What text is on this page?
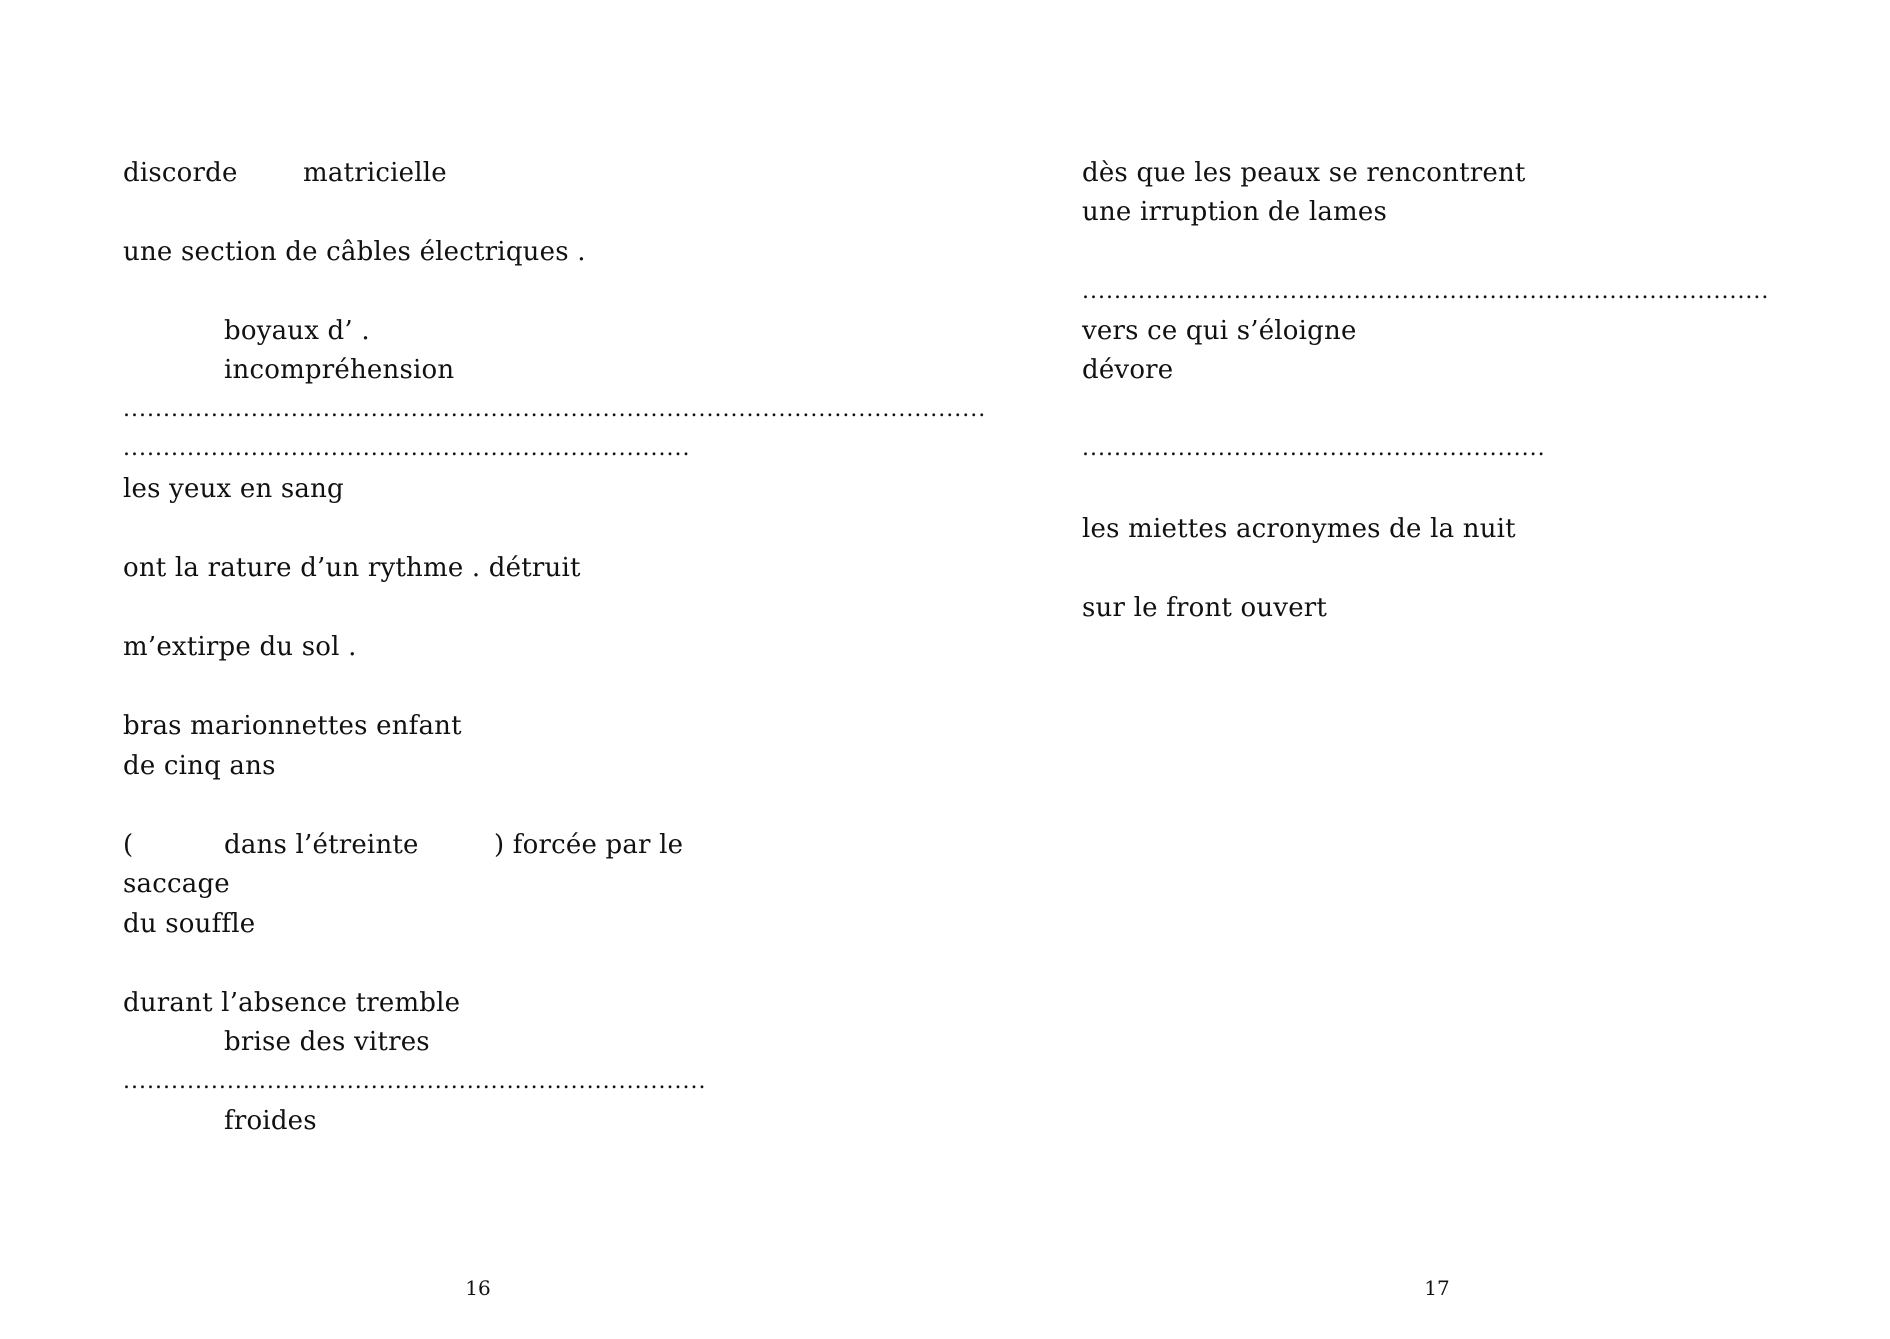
discorde	matricielle
une section de câbles électriques .
boyaux d’ .
incompréhension
............................................................................................................
.......................................................................
les yeux en sang
ont la rature d’un rythme . détruit
m’extirpe du sol .
bras marionnettes enfant
de cinq ans
(	dans l’étreinte	) forcée par le
saccage
du souffle
durant l’absence tremble
brise des vitres
.........................................................................
froides
16
dès que les peaux se rencontrent
une irruption de lames
......................................................................................
vers ce qui s’éloigne
dévore
..........................................................
les miettes acronymes de la nuit
sur le front ouvert
17
